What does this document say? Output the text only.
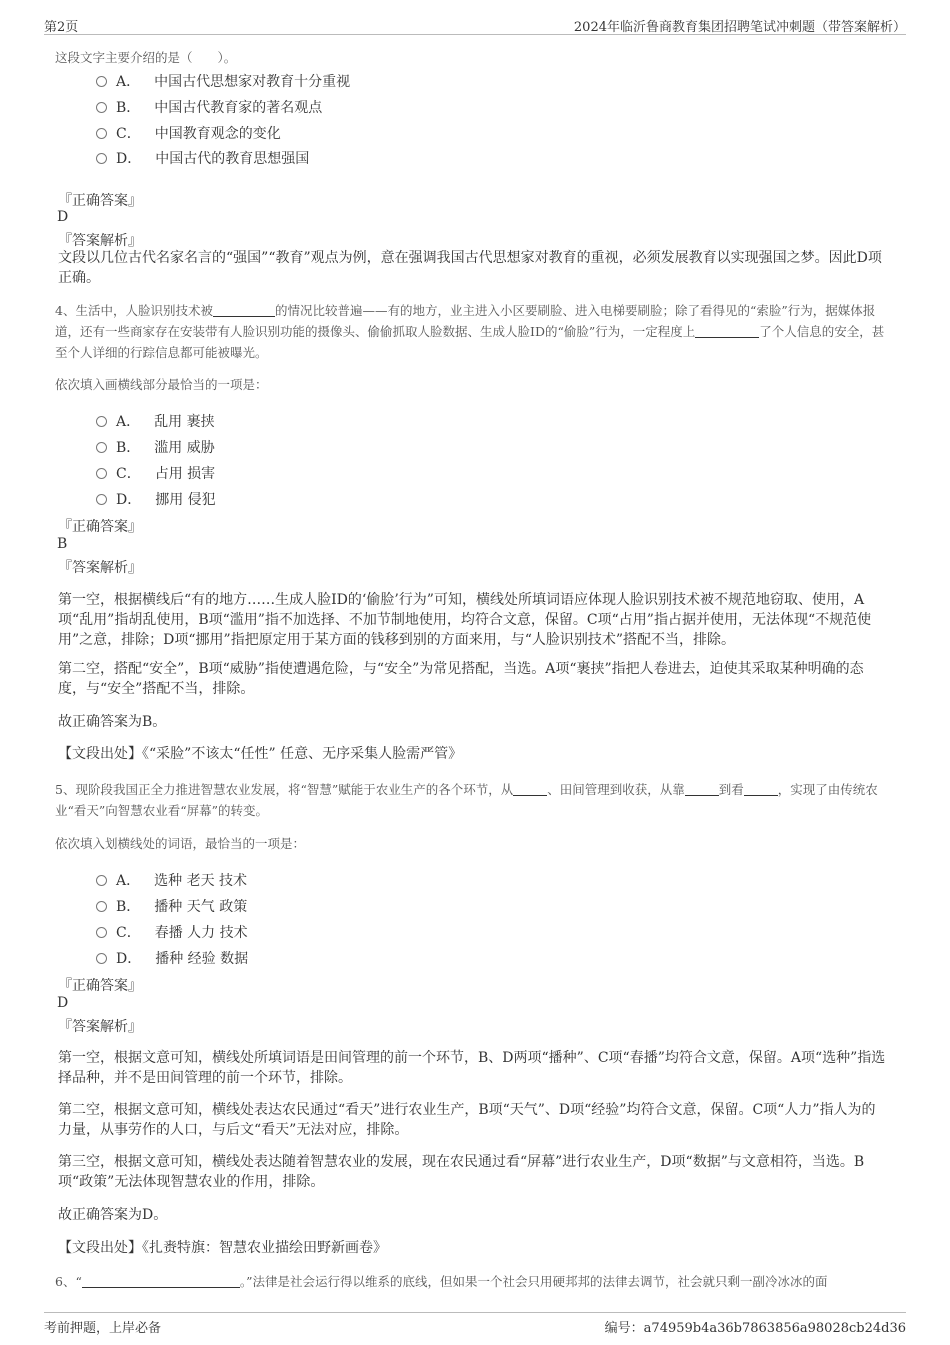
第2页	2024年临沂鲁商教育集团招聘笔试冲刺题（带答案解析）
这段文字主要介绍的是（　　）。
A． 中国古代思想家对教育十分重视
B． 中国古代教育家的著名观点
C． 中国教育观念的变化
D． 中国古代的教育思想强国
『正确答案』
D
『答案解析』
文段以几位古代名家名言的“强国”“教育”观点为例，意在强调我国古代思想家对教育的重视，必须发展教育以实现强国之梦。因此D项正确。
4、生活中，人脸识别技术被	的情况比较普遍——有的地方，业主进入小区要刷脸、进入电梯要刷脸；除了看得见的“索脸”行为，据媒体报道，还有一些商家存在安装带有人脸识别功能的摄像头、偷偷抓取人脸数据、生成人脸ID的“偷脸”行为，一定程度上	了个人信息的安全，甚至个人详细的行踪信息都可能被曝光。
依次填入画横线部分最恰当的一项是：
A． 乱用 裹挟
B． 滥用 威胁
C． 占用 损害
D． 挪用 侵犯
『正确答案』
B
『答案解析』
第一空，根据横线后“有的地方……生成人脸ID的‘偷脸’行为”可知，横线处所填词语应体现人脸识别技术被不规范地窃取、使用，A项“乱用”指胡乱使用，B项“滥用”指不加选择、不加节制地使用，均符合文意，保留。C项“占用”指占据并使用，无法体现“不规范使用”之意，排除；D项“挪用”指把原定用于某方面的钱移到别的方面来用，与“人脸识别技术”搭配不当，排除。
第二空，搭配“安全”，B项“威胁”指使遭遇危险，与“安全”为常见搭配，当选。A项“裹挟”指把人卷进去，迫使其采取某种明确的态度，与“安全”搭配不当，排除。
故正确答案为B。
【文段出处】《“采脸”不该太“任性” 任意、无序采集人脸需严管》
5、现阶段我国正全力推进智慧农业发展，将“智慧”赋能于农业生产的各个环节，从	、田间管理到收获，从靠	到看	，实现了由传统农业“看天”向智慧农业看“屏幕”的转变。
依次填入划横线处的词语，最恰当的一项是：
A． 选种 老天 技术
B． 播种 天气 政策
C． 春播 人力 技术
D． 播种 经验 数据
『正确答案』
D
『答案解析』
第一空，根据文意可知，横线处所填词语是田间管理的前一个环节，B、D两项“播种”、C项“春播”均符合文意，保留。A项“选种”指选择品种，并不是田间管理的前一个环节，排除。
第二空，根据文意可知，横线处表达农民通过“看天”进行农业生产，B项“天气”、D项“经验”均符合文意，保留。C项“人力”指人为的力量，从事劳作的人口，与后文“看天”无法对应，排除。
第三空，根据文意可知，横线处表达随着智慧农业的发展，现在农民通过看“屏幕”进行农业生产，D项“数据”与文意相符，当选。B项“政策”无法体现智慧农业的作用，排除。
故正确答案为D。
【文段出处】《扎赉特旗：智慧农业描绘田野新画卷》
6、“	。”法律是社会运行得以维系的底线，但如果一个社会只用硬邦邦的法律去调节，社会就只剩一副冷冰冰的面
考前押题，上岸必备	编号：a74959b4a36b7863856a98028cb24d36
